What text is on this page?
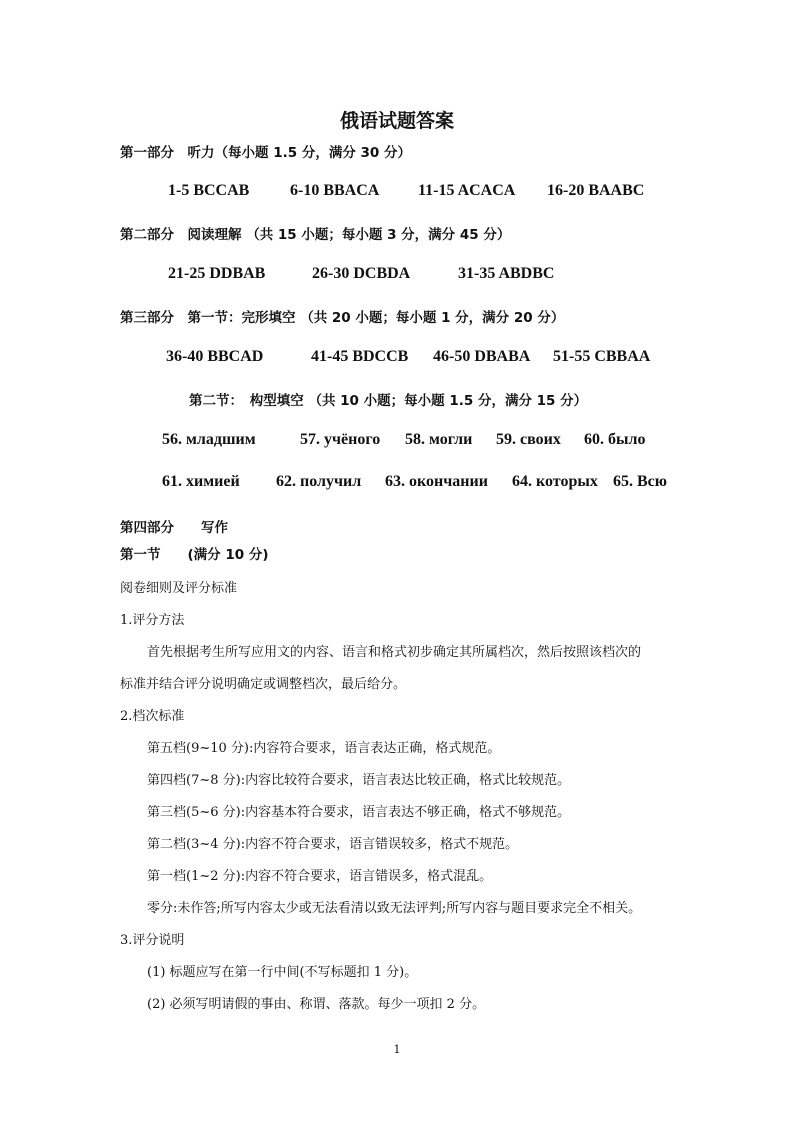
俄语试题答案
第一部分　听力（每小题 1.5 分，满分 30 分）
1-5 BCCAB	6-10 BBACA 11-15 ACACA 16-20 BAABC
第二部分　阅读理解 （共 15 小题；每小题 3 分，满分 45 分）
21-25 DDBAB	26-30 DCBDA	31-35 ABDBC
第三部分　第一节：完形填空 （共 20 小题；每小题 1 分，满分 20 分）
36-40 BBCAD	41-45 BDCCB 46-50 DBABA 51-55 CBBAA
第二节：　构型填空 （共 10 小题；每小题 1.5 分，满分 15 分）
56. младшим	57. учёного 58. могли 59. своих 60. было
61. химией 62. получил 63. окончании 64. которых 65. Всю
第四部分　　写作
第一节　　(满分 10 分)
阅卷细则及评分标准
1.评分方法
首先根据考生所写应用文的内容、语言和格式初步确定其所属档次，然后按照该档次的
标准并结合评分说明确定或调整档次，最后给分。
2.档次标准
第五档(9~10 分):内容符合要求，语言表达正确，格式规范。
第四档(7~8 分):内容比较符合要求，语言表达比较正确，格式比较规范。
第三档(5~6 分):内容基本符合要求，语言表达不够正确，格式不够规范。
第二档(3~4 分):内容不符合要求，语言错误较多，格式不规范。
第一档(1~2 分):内容不符合要求，语言错误多，格式混乱。
零分:未作答;所写内容太少或无法看清以致无法评判;所写内容与题目要求完全不相关。
3.评分说明
(1) 标题应写在第一行中间(不写标题扣 1 分)。
(2) 必须写明请假的事由、称谓、落款。每少一项扣 2 分。
1
